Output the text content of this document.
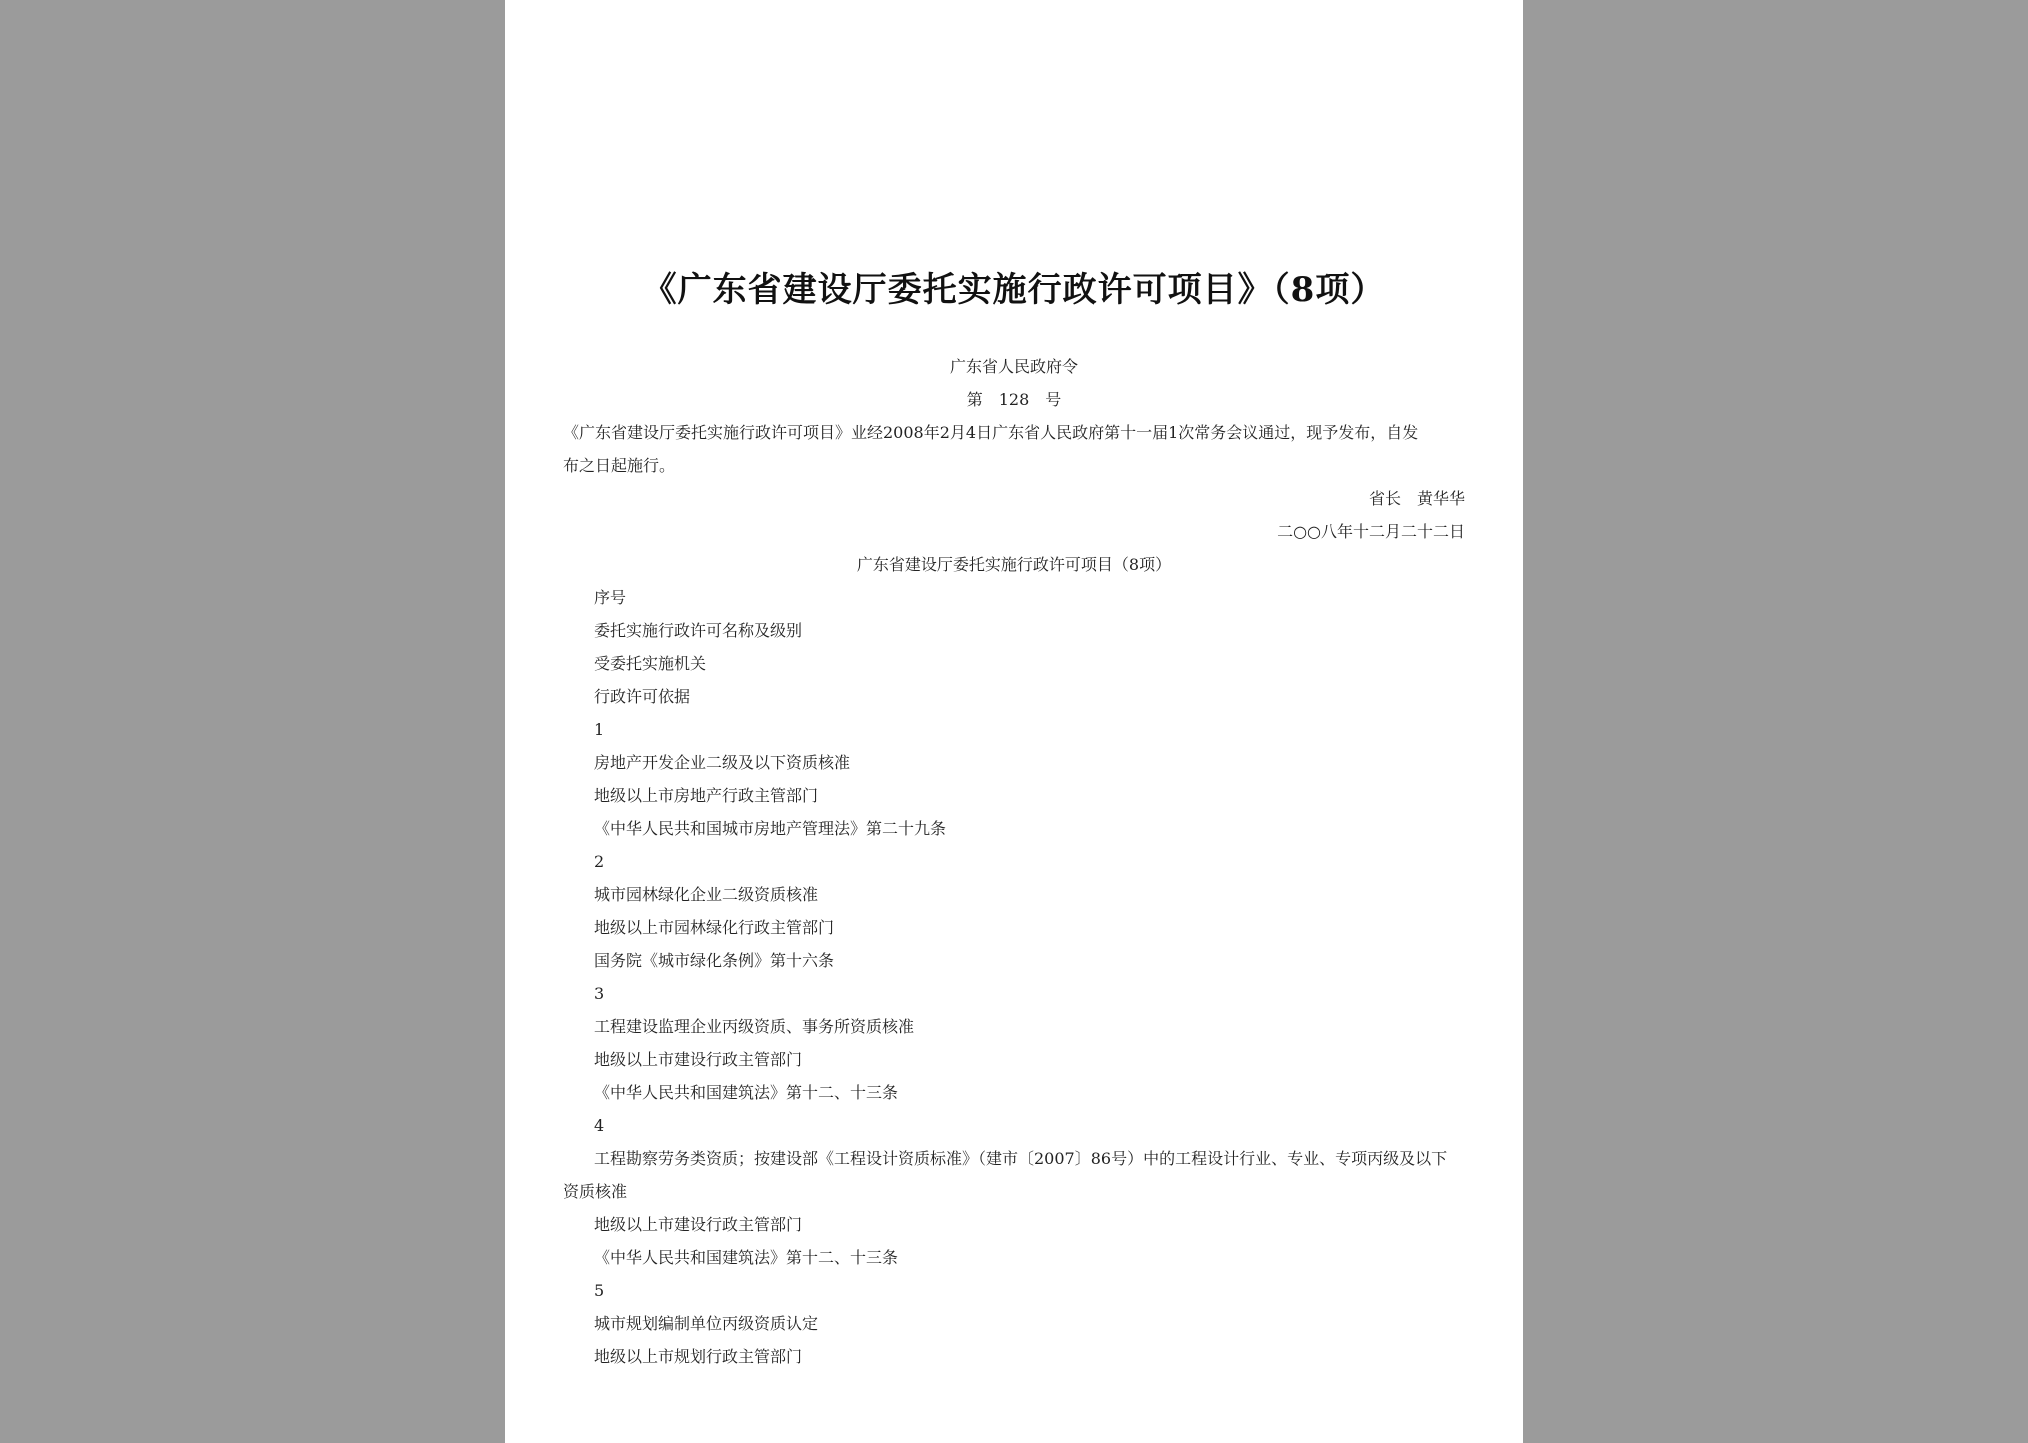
《广东省建设厅委托实施行政许可项目》（8项）
广东省人民政府令
第　128　号
《广东省建设厅委托实施行政许可项目》业经2008年2月4日广东省人民政府第十一届1次常务会议通过，现予发布，自发
布之日起施行。
省长　黄华华
二○○八年十二月二十二日
广东省建设厅委托实施行政许可项目（8项）
序号
委托实施行政许可名称及级别
受委托实施机关
行政许可依据
1
房地产开发企业二级及以下资质核准
地级以上市房地产行政主管部门
《中华人民共和国城市房地产管理法》第二十九条
2
城市园林绿化企业二级资质核准
地级以上市园林绿化行政主管部门
国务院《城市绿化条例》第十六条
3
工程建设监理企业丙级资质、事务所资质核准
地级以上市建设行政主管部门
《中华人民共和国建筑法》第十二、十三条
4
工程勘察劳务类资质；按建设部《工程设计资质标准》（建市〔2007〕86号）中的工程设计行业、专业、专项丙级及以下
资质核准
地级以上市建设行政主管部门
《中华人民共和国建筑法》第十二、十三条
5
城市规划编制单位丙级资质认定
地级以上市规划行政主管部门
